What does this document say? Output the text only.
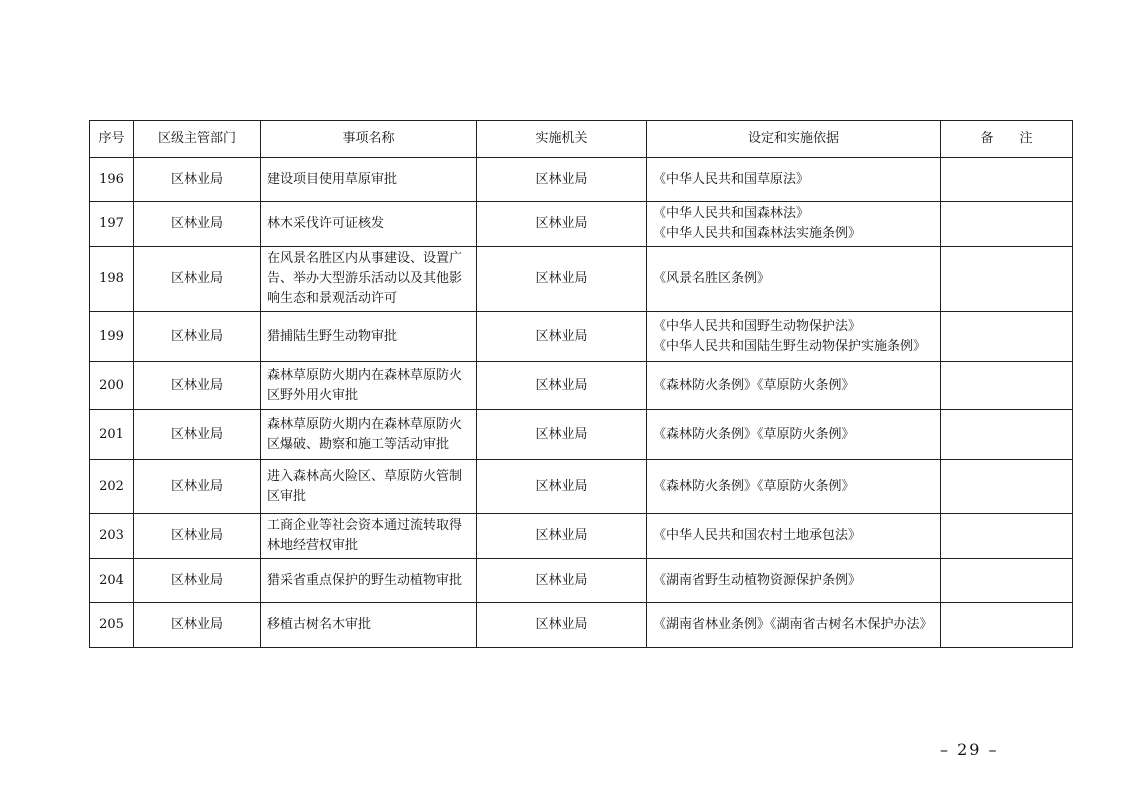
序号	区级主管部门	事项名称	实施机关	设定和实施依据	备　　注
196	区林业局	建设项目使用草原审批	区林业局	《中华人民共和国草原法》	

197	区林业局	林木采伐许可证核发	区林业局	《中华人民共和国森林法》
《中华人民共和国森林法实施条例》	

198	区林业局	在风景名胜区内从事建设、设置广告、举办大型游乐活动以及其他影响生态和景观活动许可	区林业局	《风景名胜区条例》	

199	区林业局	猎捕陆生野生动物审批	区林业局	《中华人民共和国野生动物保护法》
《中华人民共和国陆生野生动物保护实施条例》	

200	区林业局	森林草原防火期内在森林草原防火区野外用火审批	区林业局	《森林防火条例》《草原防火条例》	

201	区林业局	森林草原防火期内在森林草原防火区爆破、勘察和施工等活动审批	区林业局	《森林防火条例》《草原防火条例》	

202	区林业局	进入森林高火险区、草原防火管制区审批	区林业局	《森林防火条例》《草原防火条例》	

203	区林业局	工商企业等社会资本通过流转取得林地经营权审批	区林业局	《中华人民共和国农村土地承包法》	

204	区林业局	猎采省重点保护的野生动植物审批	区林业局	《湖南省野生动植物资源保护条例》	

205	区林业局	移植古树名木审批	区林业局	《湖南省林业条例》《湖南省古树名木保护办法》	

– 29 –
